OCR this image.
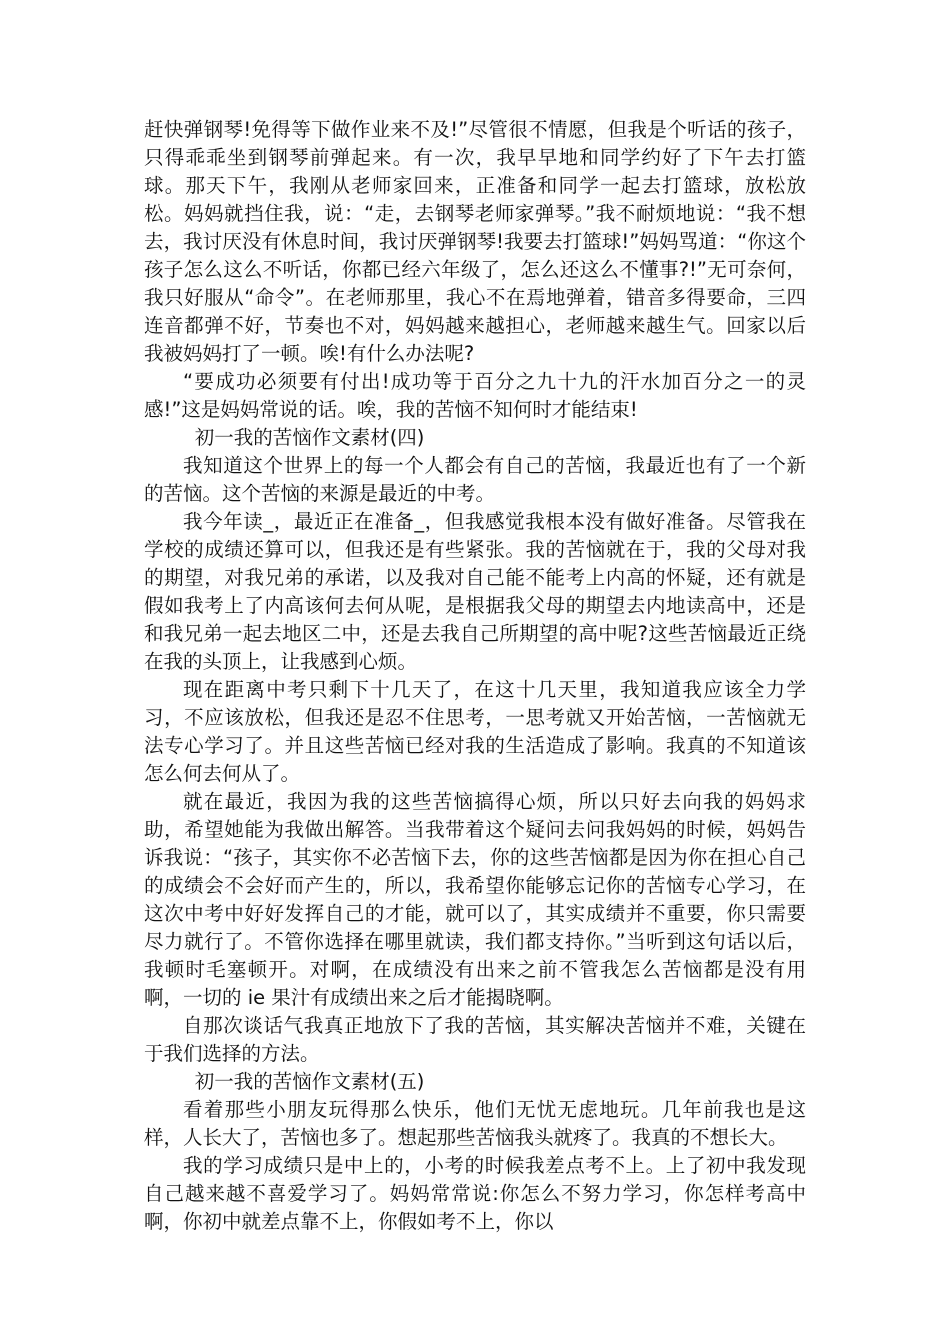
赶快弹钢琴!免得等下做作业来不及!”尽管很不情愿，但我是个听话的孩子，只得乖乖坐到钢琴前弹起来。有一次，我早早地和同学约好了下午去打篮球。那天下午，我刚从老师家回来，正准备和同学一起去打篮球，放松放松。妈妈就挡住我，说：“走，去钢琴老师家弹琴。”我不耐烦地说：“我不想去，我讨厌没有休息时间，我讨厌弹钢琴!我要去打篮球!”妈妈骂道：“你这个孩子怎么这么不听话，你都已经六年级了，怎么还这么不懂事?!”无可奈何，我只好服从“命令”。在老师那里，我心不在焉地弹着，错音多得要命，三四连音都弹不好，节奏也不对，妈妈越来越担心，老师越来越生气。回家以后我被妈妈打了一顿。唉!有什么办法呢?

“要成功必须要有付出!成功等于百分之九十九的汗水加百分之一的灵感!”这是妈妈常说的话。唉，我的苦恼不知何时才能结束!

初一我的苦恼作文素材(四)

我知道这个世界上的每一个人都会有自己的苦恼，我最近也有了一个新的苦恼。这个苦恼的来源是最近的中考。

我今年读_，最近正在准备_，但我感觉我根本没有做好准备。尽管我在学校的成绩还算可以，但我还是有些紧张。我的苦恼就在于，我的父母对我的期望，对我兄弟的承诺，以及我对自己能不能考上内高的怀疑，还有就是假如我考上了内高该何去何从呢，是根据我父母的期望去内地读高中，还是和我兄弟一起去地区二中，还是去我自己所期望的高中呢?这些苦恼最近正绕在我的头顶上，让我感到心烦。

现在距离中考只剩下十几天了，在这十几天里，我知道我应该全力学习，不应该放松，但我还是忍不住思考，一思考就又开始苦恼，一苦恼就无法专心学习了。并且这些苦恼已经对我的生活造成了影响。我真的不知道该怎么何去何从了。

就在最近，我因为我的这些苦恼搞得心烦，所以只好去向我的妈妈求助，希望她能为我做出解答。当我带着这个疑问去问我妈妈的时候，妈妈告诉我说：“孩子，其实你不必苦恼下去，你的这些苦恼都是因为你在担心自己的成绩会不会好而产生的，所以，我希望你能够忘记你的苦恼专心学习，在这次中考中好好发挥自己的才能，就可以了，其实成绩并不重要，你只需要尽力就行了。不管你选择在哪里就读，我们都支持你。”当听到这句话以后，我顿时毛塞顿开。对啊，在成绩没有出来之前不管我怎么苦恼都是没有用啊，一切的 ie 果汁有成绩出来之后才能揭晓啊。

自那次谈话气我真正地放下了我的苦恼，其实解决苦恼并不难，关键在于我们选择的方法。

初一我的苦恼作文素材(五)

看着那些小朋友玩得那么快乐，他们无忧无虑地玩。几年前我也是这样，人长大了，苦恼也多了。想起那些苦恼我头就疼了。我真的不想长大。

我的学习成绩只是中上的，小考的时候我差点考不上。上了初中我发现自己越来越不喜爱学习了。妈妈常常说:你怎么不努力学习，你怎样考高中啊，你初中就差点靠不上，你假如考不上，你以
